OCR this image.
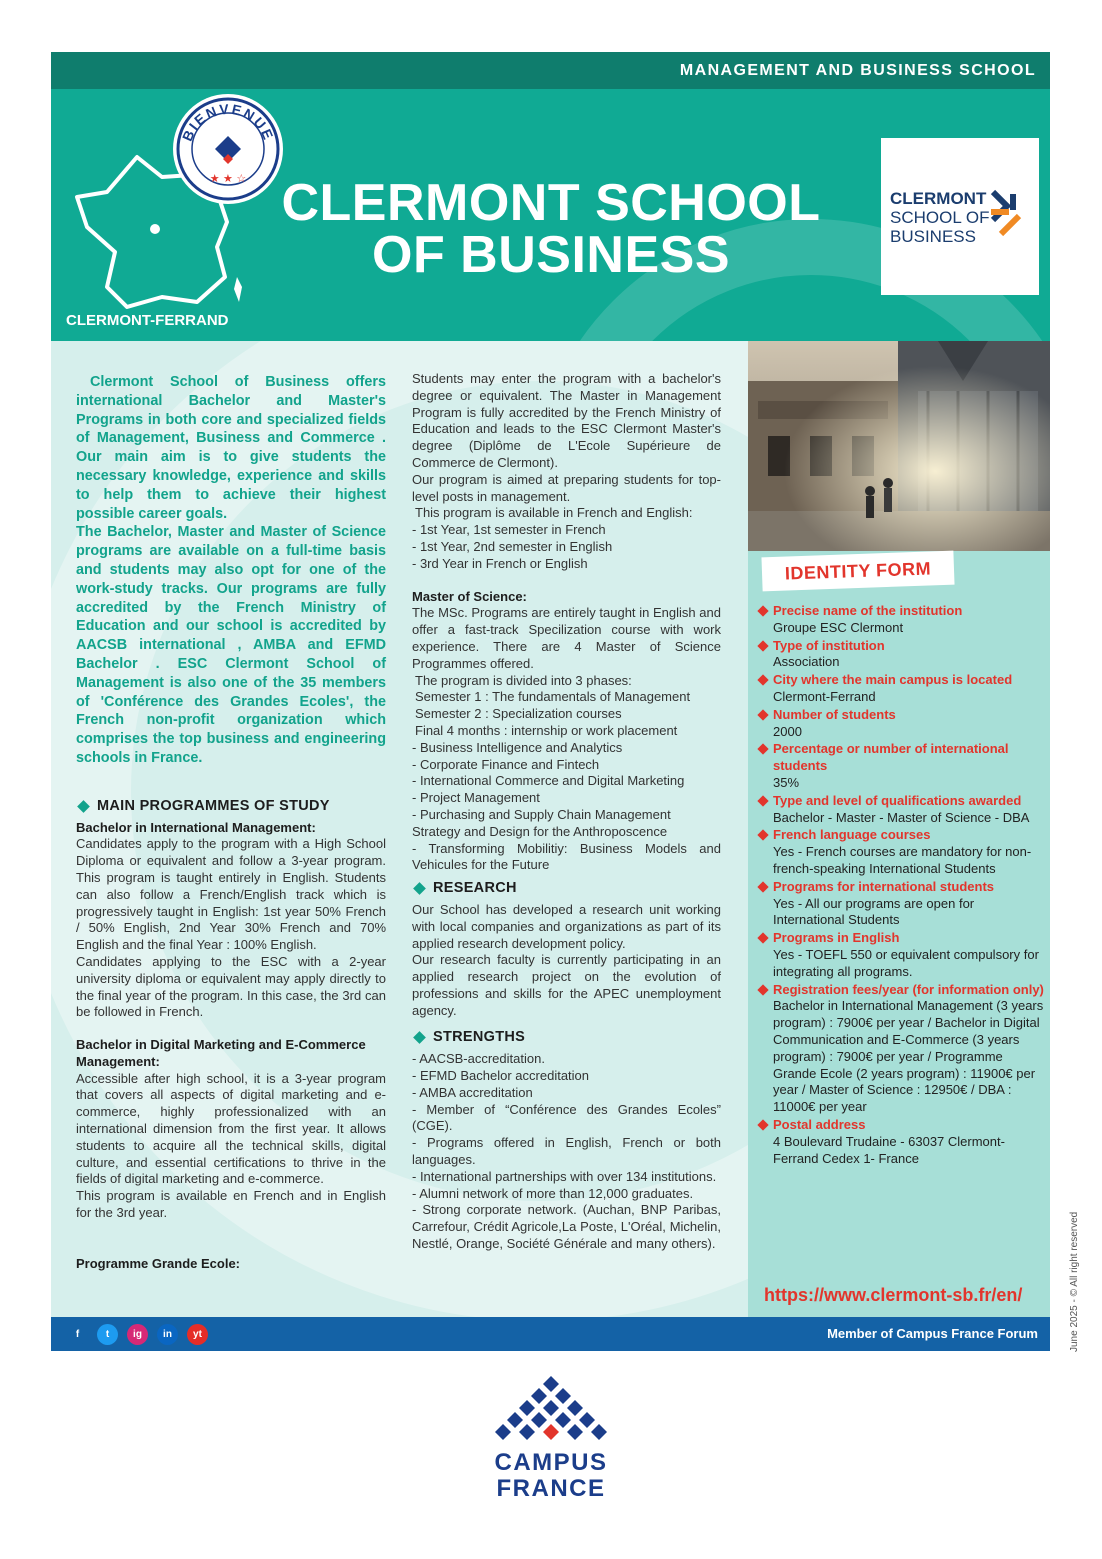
MANAGEMENT AND BUSINESS SCHOOL
BIENVENUE
★ ★ ☆ CLERMONT SCHOOL
OF BUSINESS
CLERMONT-FERRAND
CLERMONT
SCHOOL OF
BUSINESS

Clermont School of Business offers international Bachelor and Master's Programs in both core and specialized fields of Management, Business and Commerce . Our main aim is to give students the necessary knowledge, experience and skills to help them to achieve their highest possible career goals.

The Bachelor, Master and Master of Science programs are available on a full-time basis and students may also opt for one of the work-study tracks. Our programs are fully accredited by the French Ministry of Education and our school is accredited by AACSB international , AMBA and EFMD Bachelor . ESC Clermont School of Management is also one of the 35 members of 'Conférence des Grandes Ecoles', the French non-profit organization which comprises the top business and engineering schools in France.

MAIN PROGRAMMES OF STUDY
Bachelor in International Management:
Candidates apply to the program with a High School Diploma or equivalent and follow a 3-year program. This program is taught entirely in English. Students can also follow a French/English track which is progressively taught in English: 1st year 50% French / 50% English, 2nd Year 30% French and 70% English and the final Year : 100% English.
Candidates applying to the ESC with a 2-year university diploma or equivalent may apply directly to the final year of the program. In this case, the 3rd can be followed in French.
Bachelor in Digital Marketing and E-Commerce Management:
Accessible after high school, it is a 3-year program that covers all aspects of digital marketing and e-commerce, highly professionalized with an international dimension from the first year. It allows students to acquire all the technical skills, digital culture, and essential certifications to thrive in the fields of digital marketing and e-commerce.
This program is available en French and in English for the 3rd year.
Programme Grande Ecole:
Students may enter the program with a bachelor's degree or equivalent. The Master in Management Program is fully accredited by the French Ministry of Education and leads to the ESC Clermont Master's degree (Diplôme de L'Ecole Supérieure de Commerce de Clermont).
Our program is aimed at preparing students for top-level posts in management.
This program is available in French and English:
- 1st Year, 1st semester in French
- 1st Year, 2nd semester in English
- 3rd Year in French or English
Master of Science:
The MSc. Programs are entirely taught in English and offer a fast-track Specilization course with work experience. There are 4 Master of Science Programmes offered.
The program is divided into 3 phases:
Semester 1 : The fundamentals of Management
Semester 2 : Specialization courses
Final 4 months : internship or work placement
- Business Intelligence and Analytics
- Corporate Finance and Fintech
- International Commerce and Digital Marketing
- Project Management
- Purchasing and Supply Chain Management Strategy and Design for the Anthroposcence
- Transforming Mobilitiy: Business Models and Vehicules for the Future
RESEARCH
Our School has developed a research unit working with local companies and organizations as part of its applied research development policy.
Our research faculty is currently participating in an applied research project on the evolution of professions and skills for the APEC unemployment agency.
STRENGTHS
- AACSB-accreditation.
- EFMD Bachelor accreditation
- AMBA accreditation
- Member of “Conférence des Grandes Ecoles” (CGE).
- Programs offered in English, French or both languages.
- International partnerships with over 134 institutions.
- Alumni network of more than 12,000 graduates.
- Strong corporate network. (Auchan, BNP Paribas, Carrefour, Crédit Agricole,La Poste, L'Oréal, Michelin, Nestlé, Orange, Société Générale and many others).
IDENTITY FORM
Precise name of the institution
Groupe ESC Clermont
Type of institution
Association
City where the main campus is located
Clermont-Ferrand
Number of students
2000
Percentage or number of international students
35%
Type and level of qualifications awarded
Bachelor - Master - Master of Science - DBA
French language courses
Yes - French courses are mandatory for non-french-speaking International Students
Programs for international students
Yes - All our programs are open for International Students
Programs in English
Yes - TOEFL 550 or equivalent compulsory for integrating all programs.
Registration fees/year (for information only)
Bachelor in International Management (3 years program) : 7900€ per year / Bachelor in Digital Communication and E-Commerce (3 years program) : 7900€ per year / Programme Grande Ecole (2 years program) : 11900€ per year / Master of Science : 12950€ / DBA : 11000€ per year
Postal address
4 Boulevard Trudaine - 63037 Clermont-Ferrand Cedex 1- France
https://www.clermont-sb.fr/en/
f	t	ig	in	yt	Member of Campus France Forum	June 2025 - © All right reserved
CAMPUS
FRANCE
